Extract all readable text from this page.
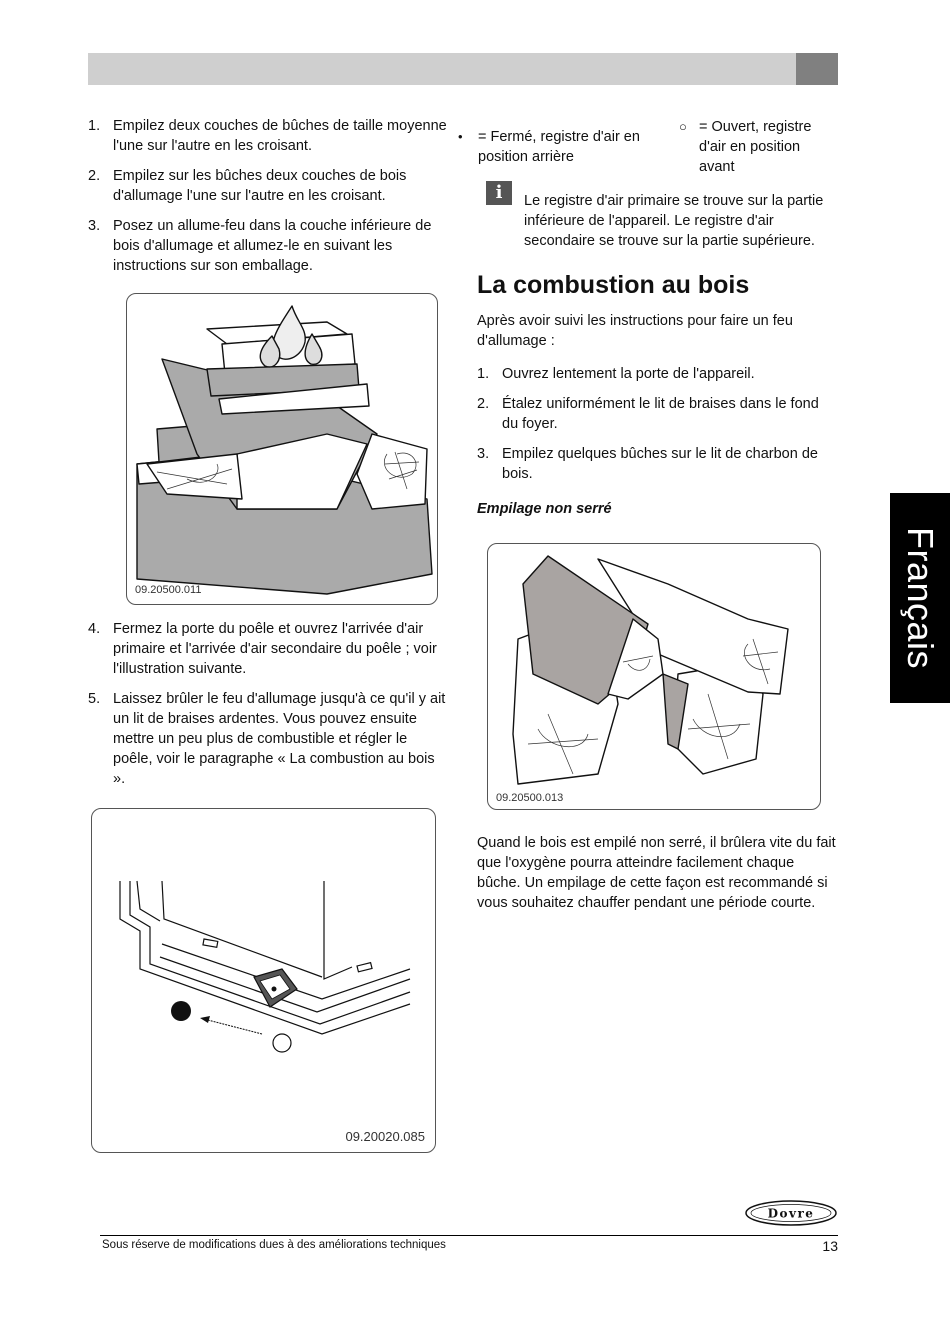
Français
1. Empilez deux couches de bûches de taille moyenne l'une sur l'autre en les croisant.
2. Empilez sur les bûches deux couches de bois d'allumage l'une sur l'autre en les croisant.
3. Posez un allume-feu dans la couche inférieure de bois d'allumage et allumez-le en suivant les instructions sur son emballage.
09.20500.011
4. Fermez la porte du poêle et ouvrez l'arrivée d'air primaire et l'arrivée d'air secondaire du poêle ; voir l'illustration suivante.
5. Laissez brûler le feu d'allumage jusqu'à ce qu'il y ait un lit de braises ardentes. Vous pouvez ensuite mettre un peu plus de combustible et régler le poêle, voir le paragraphe « La combustion au bois ».
09.20020.085
•	= Fermé, registre d'air en position arrière
○ = Ouvert, registre d'air en position avant
i	Le registre d'air primaire se trouve sur la partie inférieure de l'appareil. Le registre d'air secondaire se trouve sur la partie supérieure.
La combustion au bois
Après avoir suivi les instructions pour faire un feu d'allumage :
1. Ouvrez lentement la porte de l'appareil.
2. Étalez uniformément le lit de braises dans le fond du foyer.
3. Empilez quelques bûches sur le lit de charbon de bois.
Empilage non serré
09.20500.013
Quand le bois est empilé non serré, il brûlera vite du fait que l'oxygène pourra atteindre facilement chaque bûche. Un empilage de cette façon est recommandé si vous souhaitez chauffer pendant une période courte.
Dovre
Sous réserve de modifications dues à des améliorations techniques	13
